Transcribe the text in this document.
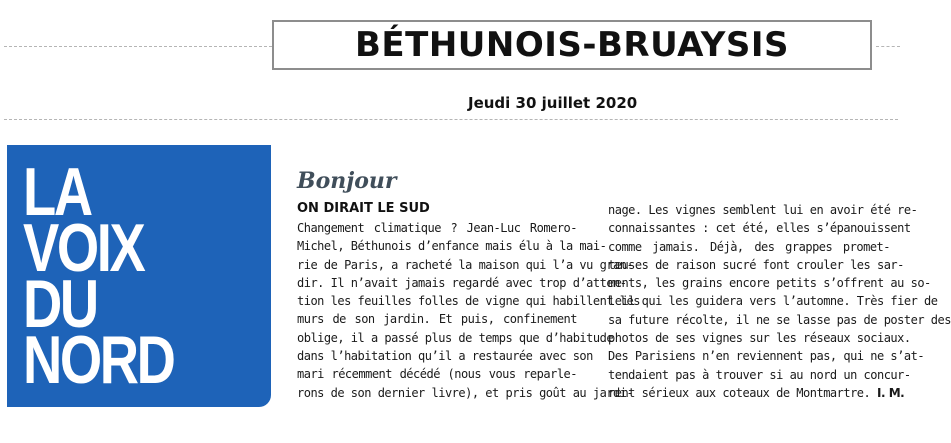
BÉTHUNOIS-BRUAYSIS
Jeudi 30 juillet 2020
LA
VOIX
DU
NORD
Bonjour
ON DIRAIT LE SUD
Changement climatique ? Jean-Luc Romero-
Michel, Béthunois d’enfance mais élu à la mai-
rie de Paris, a racheté la maison qui l’a vu gran-
dir. Il n’avait jamais regardé avec trop d’atten-
tion les feuilles folles de vigne qui habillent les
murs de son jardin. Et puis, confinement
oblige, il a passé plus de temps que d’habitude
dans l’habitation qu’il a restaurée avec son
mari récemment décédé (nous vous reparle-
rons de son dernier livre), et pris goût au jardi-
nage. Les vignes semblent lui en avoir été re-
connaissantes : cet été, elles s’épanouissent
comme jamais. Déjà, des grappes promet-
teuses de raison sucré font crouler les sar-
ments, les grains encore petits s’offrent au so-
leil qui les guidera vers l’automne. Très fier de
sa future récolte, il ne se lasse pas de poster des
photos de ses vignes sur les réseaux sociaux.
Des Parisiens n’en reviennent pas, qui ne s’at-
tendaient pas à trouver si au nord un concur-
rent sérieux aux coteaux de Montmartre. I. M.
